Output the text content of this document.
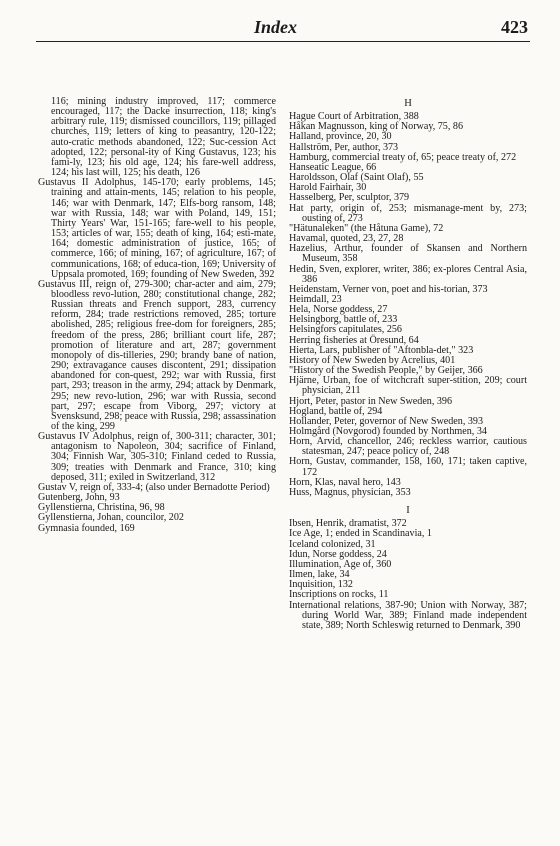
Index	423

116; mining industry improved, 117; commerce encouraged, 117; the Dacke insurrection, 118; king's arbitrary rule, 119; dismissed councillors, 119; pillaged churches, 119; letters of king to peasantry, 120-122; auto-cratic methods abandoned, 122; Suc-cession Act adopted, 122; personal-ity of King Gustavus, 123; his fami-ly, 123; his old age, 124; his fare-well address, 124; his last will, 125; his death, 126

Gustavus II Adolphus, 145-170; early problems, 145; training and attain-ments, 145; relation to his people, 146; war with Denmark, 147; Elfs-borg ransom, 148; war with Russia, 148; war with Poland, 149, 151; Thirty Years' War, 151-165; fare-well to his people, 153; articles of war, 155; death of king, 164; esti-mate, 164; domestic administration of justice, 165; of commerce, 166; of mining, 167; of agriculture, 167; of communications, 168; of educa-tion, 169; University of Uppsala promoted, 169; founding of New Sweden, 392

Gustavus III, reign of, 279-300; char-acter and aim, 279; bloodless revo-lution, 280; constitutional change, 282; Russian threats and French support, 283, currency reform, 284; trade restrictions removed, 285; torture abolished, 285; religious free-dom for foreigners, 285; freedom of the press, 286; brilliant court life, 287; promotion of literature and art, 287; government monopoly of dis-tilleries, 290; brandy bane of nation, 290; extravagance causes discontent, 291; dissipation abandoned for con-quest, 292; war with Russia, first part, 293; treason in the army, 294; attack by Denmark, 295; new revo-lution, 296; war with Russia, second part, 297; escape from Viborg, 297; victory at Svensksund, 298; peace with Russia, 298; assassination of the king, 299

Gustavus IV Adolphus, reign of, 300-311; character, 301; antagonism to Napoleon, 304; sacrifice of Finland, 304; Finnish War, 305-310; Finland ceded to Russia, 309; treaties with Denmark and France, 310; king deposed, 311; exiled in Switzerland, 312

Gustav V, reign of, 333-4; (also under Bernadotte Period)

Gutenberg, John, 93

Gyllenstierna, Christina, 96, 98

Gyllenstierna, Johan, councilor, 202

Gymnasia founded, 169

H

Hague Court of Arbitration, 388

Håkan Magnusson, king of Norway, 75, 86

Halland, province, 20, 30

Hallström, Per, author, 373

Hamburg, commercial treaty of, 65; peace treaty of, 272

Hanseatic League, 66

Haroldsson, Olaf (Saint Olaf), 55

Harold Fairhair, 30

Hasselberg, Per, sculptor, 379

Hat party, origin of, 253; mismanage-ment by, 273; ousting of, 273

"Hätunaleken" (the Håtuna Game), 72

Havamal, quoted, 23, 27, 28

Hazelius, Arthur, founder of Skansen and Northern Museum, 358

Hedin, Sven, explorer, writer, 386; ex-plores Central Asia, 386

Heidenstam, Verner von, poet and his-torian, 373

Heimdall, 23

Hela, Norse goddess, 27

Helsingborg, battle of, 233

Helsingfors capitulates, 256

Herring fisheries at Öresund, 64

Hierta, Lars, publisher of "Aftonbla-det," 323

History of New Sweden by Acrelius, 401

"History of the Swedish People," by Geijer, 366

Hjärne, Urban, foe of witchcraft super-stition, 209; court physician, 211

Hjort, Peter, pastor in New Sweden, 396

Hogland, battle of, 294

Hollander, Peter, governor of New Sweden, 393

Holmgård (Novgorod) founded by Northmen, 34

Horn, Arvid, chancellor, 246; reckless warrior, cautious statesman, 247; peace policy of, 248

Horn, Gustav, commander, 158, 160, 171; taken captive, 172

Horn, Klas, naval hero, 143

Huss, Magnus, physician, 353

I

Ibsen, Henrik, dramatist, 372

Ice Age, 1; ended in Scandinavia, 1

Iceland colonized, 31

Idun, Norse goddess, 24

Illumination, Age of, 360

Ilmen, lake, 34

Inquisition, 132

Inscriptions on rocks, 11

International relations, 387-90; Union with Norway, 387; during World War, 389; Finland made independent state, 389; North Schleswig returned to Denmark, 390
